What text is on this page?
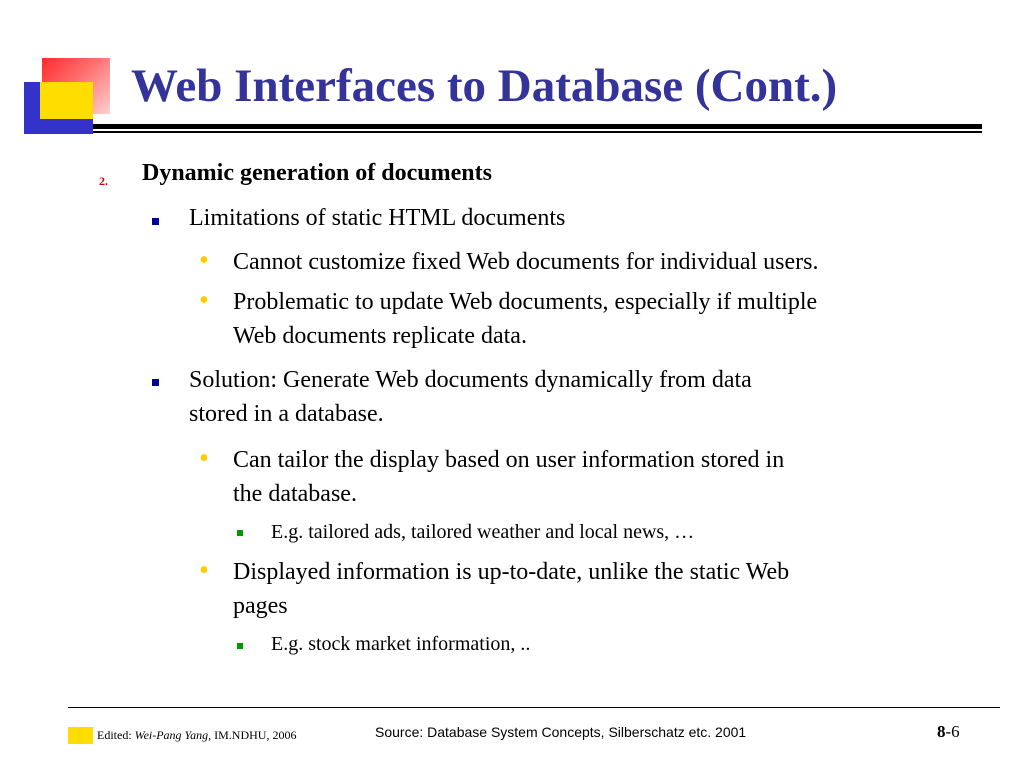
Web Interfaces to Database (Cont.)
2. Dynamic generation of documents
Limitations of static HTML documents
• Cannot customize fixed Web documents for individual users.
• Problematic to update Web documents, especially if multiple
Web documents replicate data.
Solution: Generate Web documents dynamically from data
stored in a database.
• Can tailor the display based on user information stored in
the database.
E.g. tailored ads, tailored weather and local news, …
• Displayed information is up-to-date, unlike the static Web
pages
E.g. stock market information, ..
Edited: Wei-Pang Yang, IM.NDHU, 2006	Source: Database System Concepts, Silberschatz etc. 2001	8-6
